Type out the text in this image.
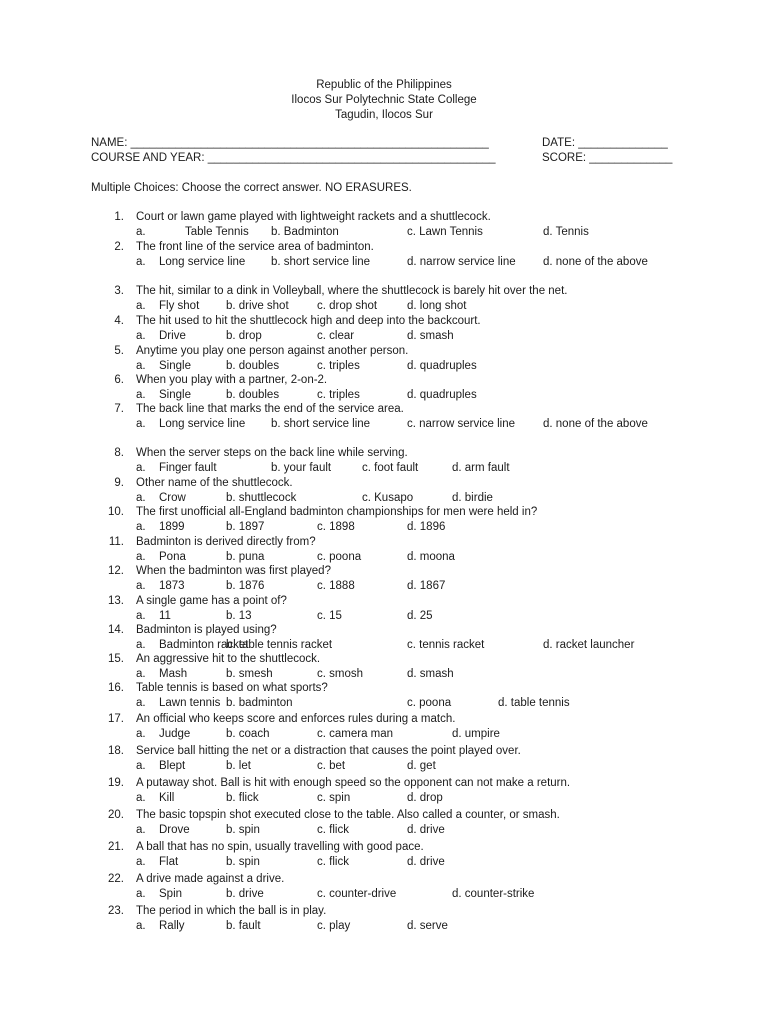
Republic of the Philippines
Ilocos Sur Polytechnic State College
Tagudin, Ilocos Sur
NAME: ________________________________________________________	DATE: ______________
COURSE AND YEAR: _____________________________________________	SCORE: _____________
Multiple Choices: Choose the correct answer. NO ERASURES.
1. Court or lawn game played with lightweight rackets and a shuttlecock.
a.	Table Tennis b. Badminton	c. Lawn Tennis	d. Tennis
2. The front line of the service area of badminton.
a. Long service line b. short service line	d. narrow service line d. none of the above
3. The hit, similar to a dink in Volleyball, where the shuttlecock is barely hit over the net.
a. Fly shot b. drive shot c. drop shot	d. long shot
4. The hit used to hit the shuttlecock high and deep into the backcourt.
a. Drive	b. drop	c. clear	d. smash
5. Anytime you play one person against another person.
a. Single	b. doubles	c. triples	d. quadruples
6. When you play with a partner, 2-on-2.
a. Single	b. doubles	c. triples	d. quadruples
7. The back line that marks the end of the service area.
a. Long service line b. short service line	c. narrow service line d. none of the above
8. When the server steps on the back line while serving.
a. Finger fault	b. your fault	c. foot fault	d. arm fault
9. Other name of the shuttlecock.
a. Crow	b. shuttlecock	c. Kusapo	d. birdie
10. The first unofficial all-England badminton championships for men were held in?
a. 1899	b. 1897	c. 1898	d. 1896
11. Badminton is derived directly from?
a. Pona	b. puna	c. poona	d. moona
12. When the badminton was first played?
a. 1873	b. 1876	c. 1888	d. 1867
13. A single game has a point of?
a. 11	b. 13	c. 15	d. 25
14. Badminton is played using?
a. Badminton racket
b. table tennis racket	c. tennis racket	d. racket launcher
15. An aggressive hit to the shuttlecock.
a. Mash	b. smesh	c. smosh	d. smash
16. Table tennis is based on what sports?
a. Lawn tennis b. badminton	c. poona	d. table tennis
17. An official who keeps score and enforces rules during a match.
a. Judge	b. coach	c. camera man	d. umpire
18. Service ball hitting the net or a distraction that causes the point played over.
a. Blept	b. let	c. bet	d. get
19. A putaway shot. Ball is hit with enough speed so the opponent can not make a return.
a. Kill	b. flick	c. spin	d. drop
20. The basic topspin shot executed close to the table. Also called a counter, or smash.
a. Drove	b. spin	c. flick	d. drive
21. A ball that has no spin, usually travelling with good pace.
a. Flat	b. spin	c. flick	d. drive
22. A drive made against a drive.
a. Spin	b. drive	c. counter-drive	d. counter-strike
23. The period in which the ball is in play.
a. Rally	b. fault	c. play	d. serve
